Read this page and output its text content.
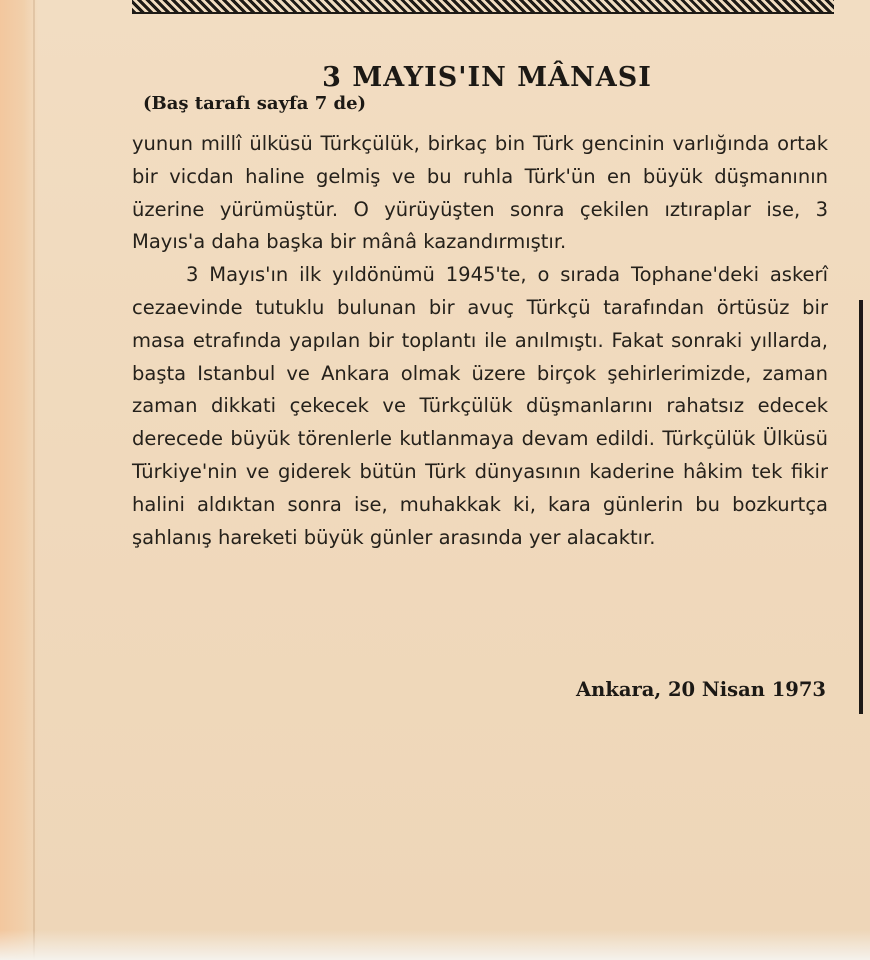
3 MAYIS'IN MÂNASI
(Baş tarafı sayfa 7 de)

yunun millî ülküsü Türkçülük, birkaç bin Türk gencinin varlığında ortak bir vicdan haline gelmiş ve bu ruhla Türk'ün en büyük düşmanının üzerine yürümüştür. O yürüyüşten sonra çekilen ıztıraplar ise, 3 Mayıs'a daha başka bir mânâ kazandırmıştır.

3 Mayıs'ın ilk yıldönümü 1945'te, o sırada Tophane'deki askerî cezaevinde tutuklu bulunan bir avuç Türkçü tarafından örtüsüz bir masa etrafında yapılan bir toplantı ile anılmıştı. Fakat sonraki yıllarda, başta Istanbul ve Ankara olmak üzere birçok şehirlerimizde, zaman zaman dikkati çekecek ve Türkçülük düşmanlarını rahatsız edecek derecede büyük törenlerle kutlanmaya devam edildi. Türkçülük Ülküsü Türkiye'nin ve giderek bütün Türk dünyasının kaderine hâkim tek fikir halini aldıktan sonra ise, muhakkak ki, kara günlerin bu bozkurtça şahlanış hareketi büyük günler arasında yer alacaktır.

Ankara, 20 Nisan 1973
